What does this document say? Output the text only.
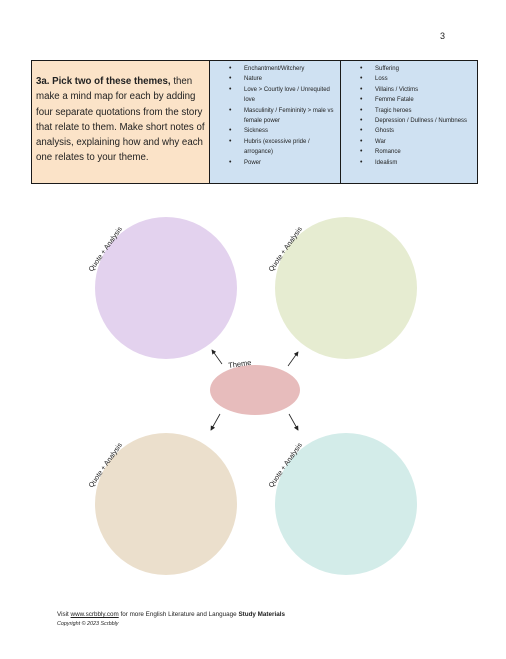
3
3a. Pick two of these themes, then make a mind map for each by adding four separate quotations from the story that relate to them. Make short notes of analysis, explaining how and why each one relates to your theme.
• Enchantment/Witchery
• Nature
• Love > Courtly love / Unrequited love
• Masculinity / Femininity > male vs female power
• Sickness
• Hubris (excessive pride / arrogance)
• Power
• Suffering
• Loss
• Villains / Victims
• Femme Fatale
• Tragic heroes
• Depression / Dullness / Numbness
• Ghosts
• War
• Romance
• Idealism
Theme
Quote + Analysis	Quote + Analysis
Quote + Analysis	Quote + Analysis
Visit www.scrbbly.com for more English Literature and Language Study Materials
Copyright © 2023 Scrbbly
